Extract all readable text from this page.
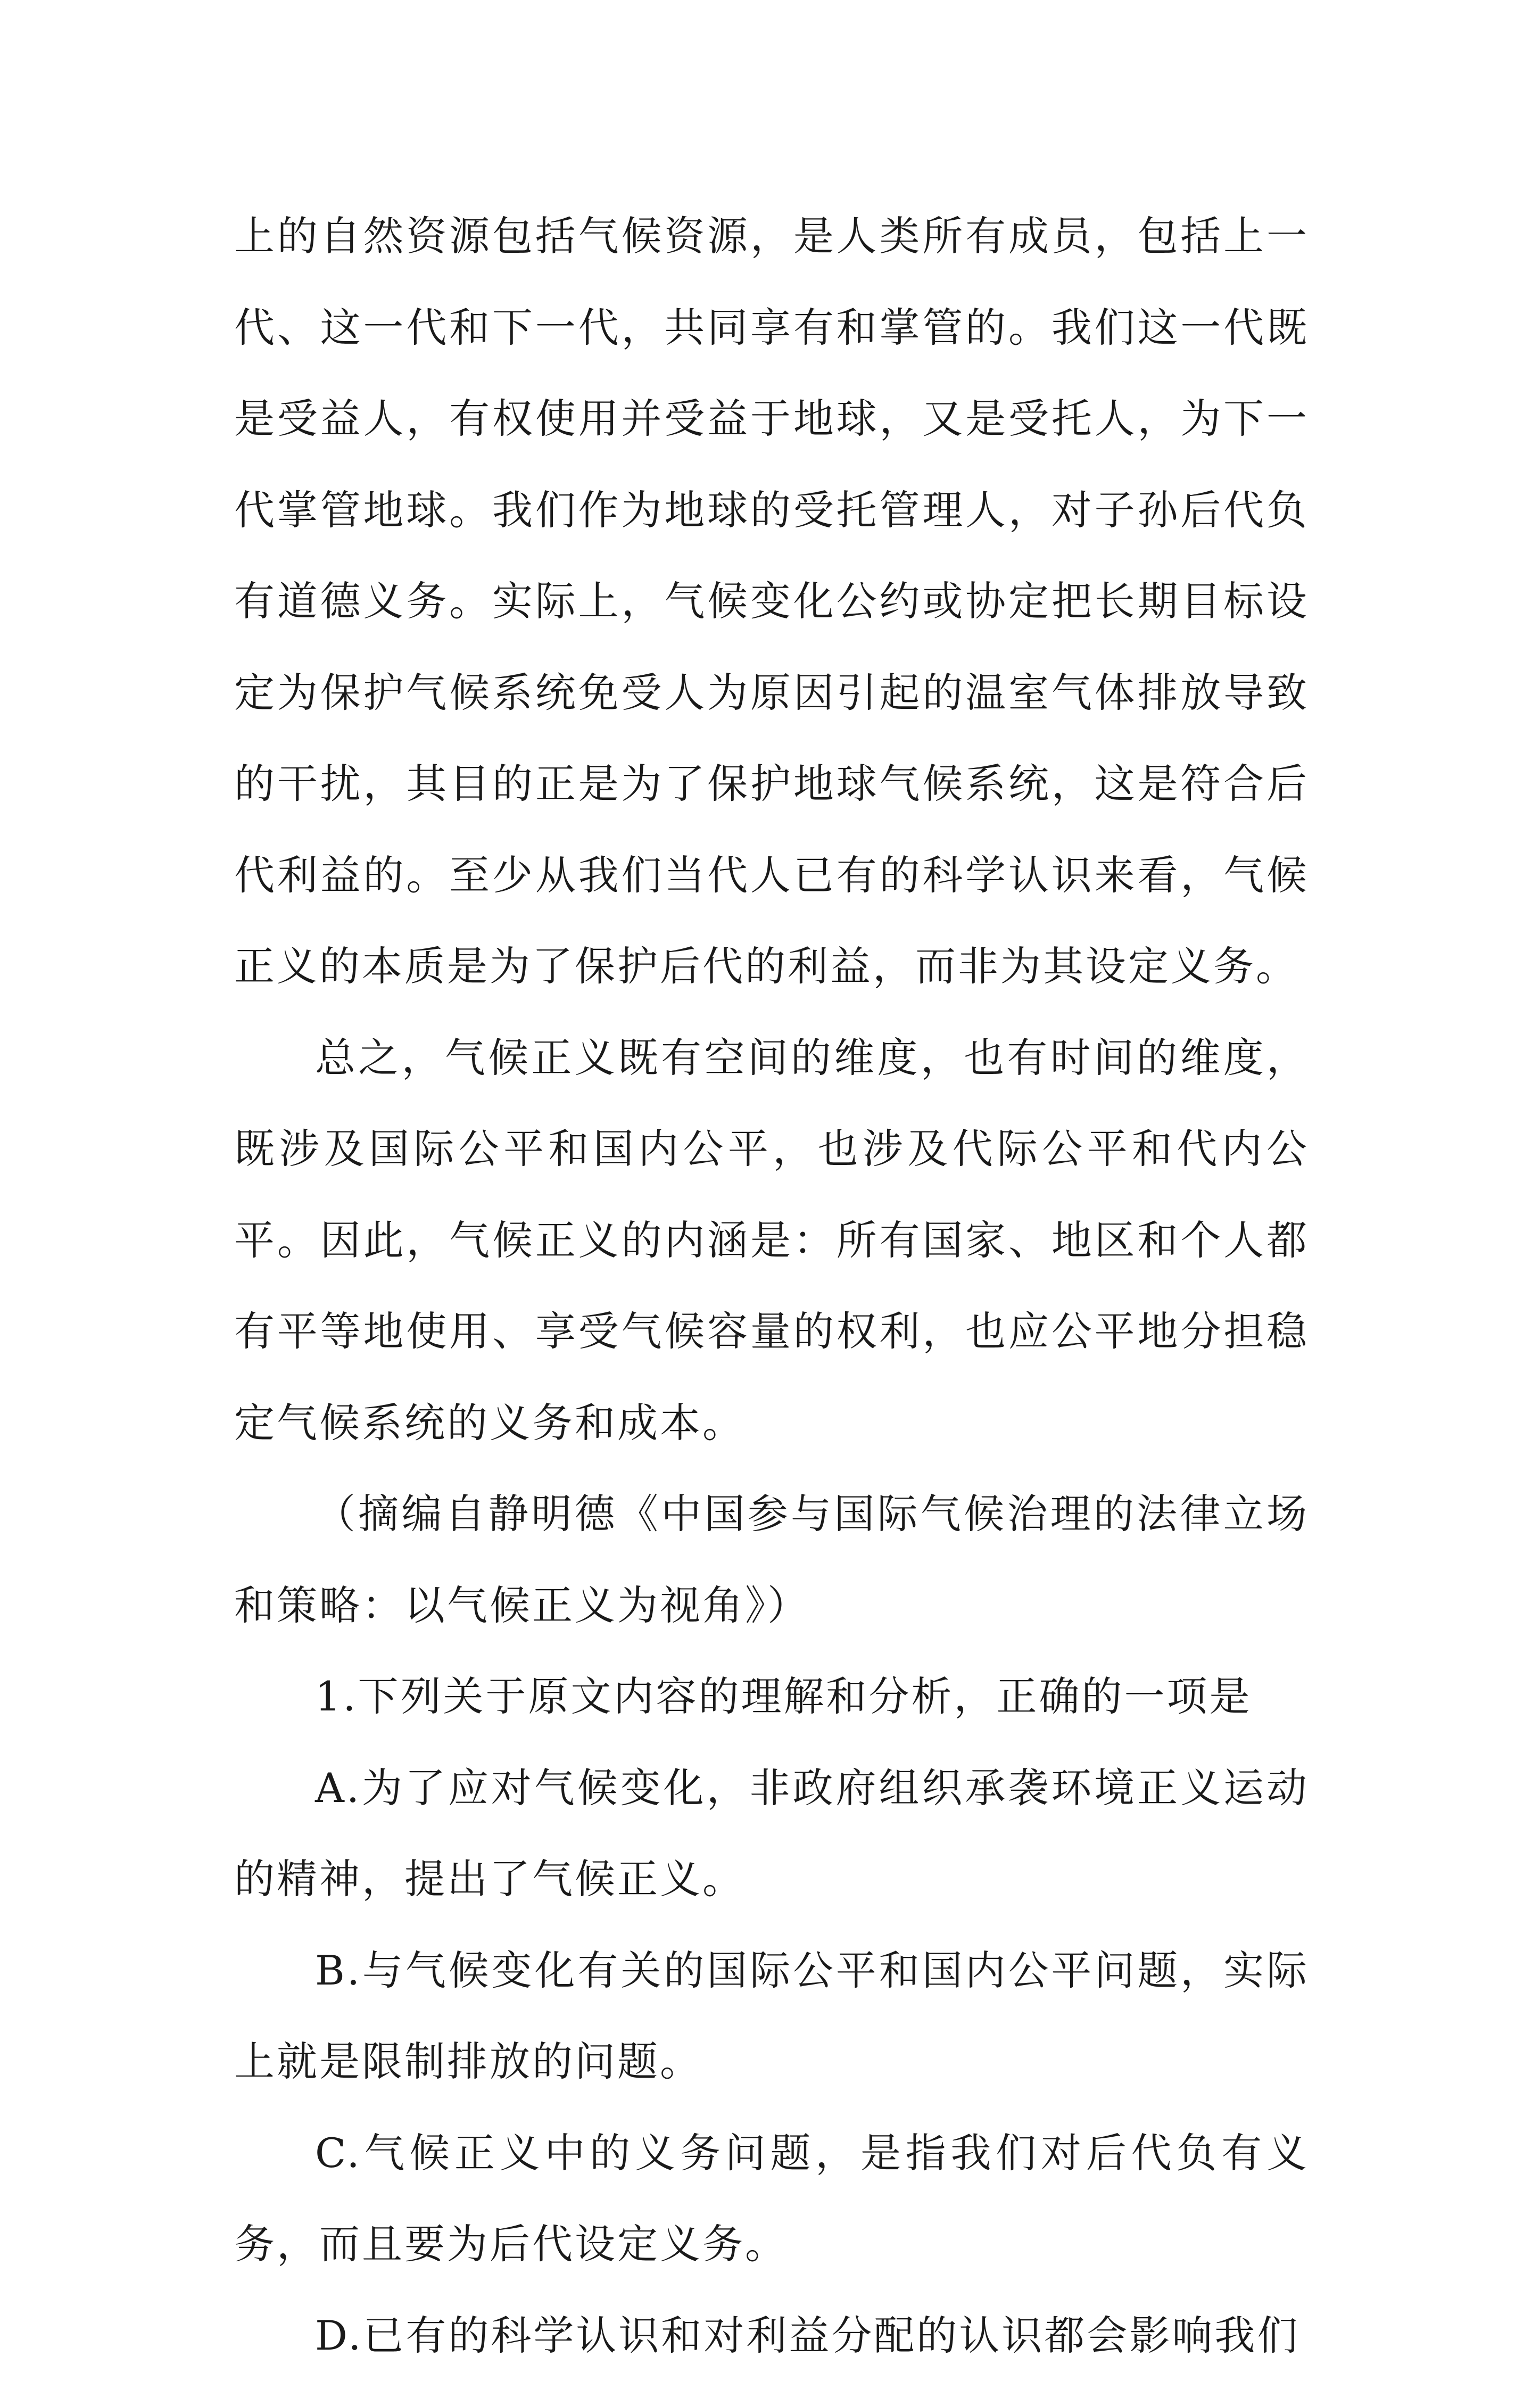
上的自然资源包括气候资源，是人类所有成员，包括上一代、这一代和下一代，共同享有和掌管的。我们这一代既是受益人，有权使用并受益于地球，又是受托人，为下一代掌管地球。我们作为地球的受托管理人，对子孙后代负有道德义务。实际上，气候变化公约或协定把长期目标设定为保护气候系统免受人为原因引起的温室气体排放导致的干扰，其目的正是为了保护地球气候系统，这是符合后代利益的。至少从我们当代人已有的科学认识来看，气候正义的本质是为了保护后代的利益，而非为其设定义务。

总之，气候正义既有空间的维度，也有时间的维度，既涉及国际公平和国内公平，也涉及代际公平和代内公平。因此，气候正义的内涵是：所有国家、地区和个人都有平等地使用、享受气候容量的权利，也应公平地分担稳定气候系统的义务和成本。

（摘编自静明德《中国参与国际气候治理的法律立场和策略：以气候正义为视角》）

1.下列关于原文内容的理解和分析，正确的一项是

A.为了应对气候变化，非政府组织承袭环境正义运动的精神，提出了气候正义。

B.与气候变化有关的国际公平和国内公平问题，实际上就是限制排放的问题。

C.气候正义中的义务问题，是指我们对后代负有义务，而且要为后代设定义务。

D.已有的科学认识和对利益分配的认识都会影响我们
